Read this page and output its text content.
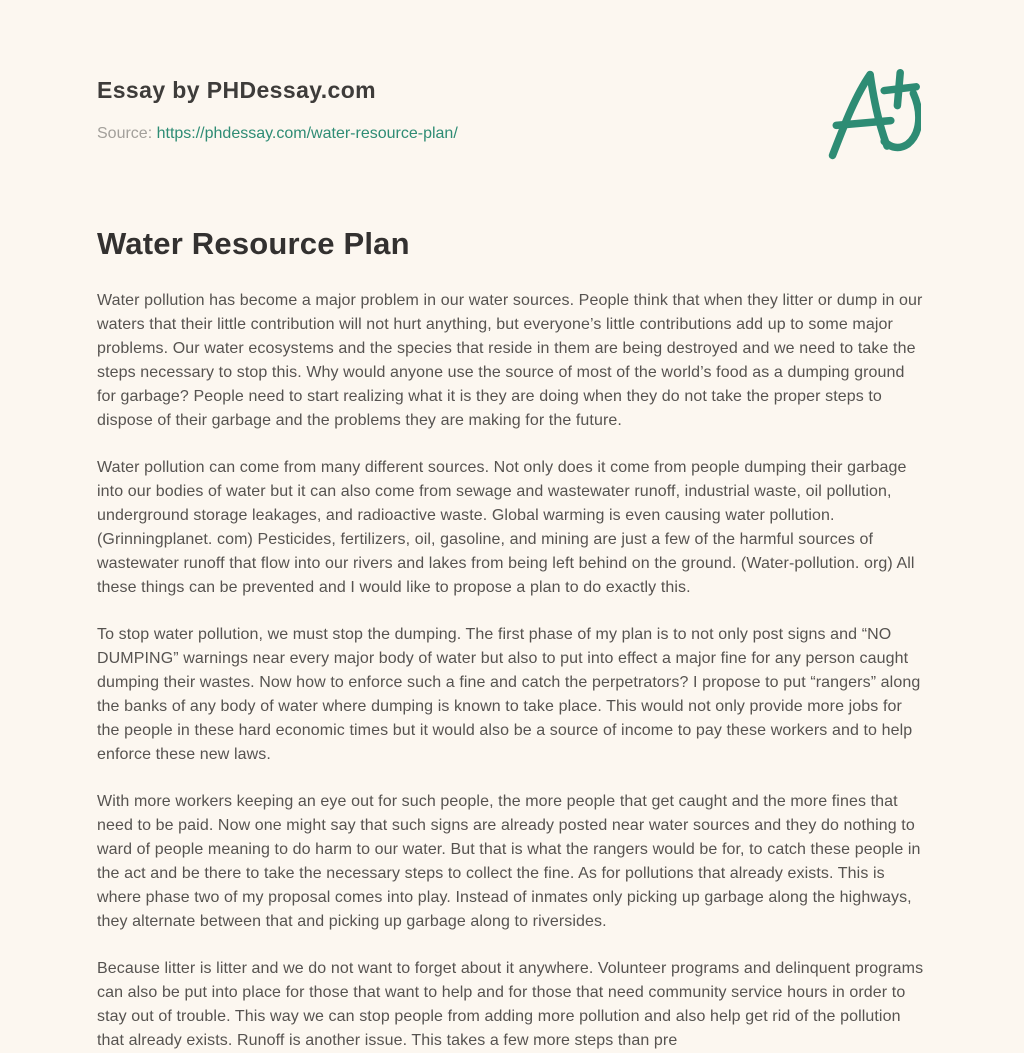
Essay by PHDessay.com
Source: https://phdessay.com/water-resource-plan/
Water Resource Plan

Water pollution has become a major problem in our water sources. People think that when they litter or dump in our waters that their little contribution will not hurt anything, but everyone’s little contributions add up to some major problems. Our water ecosystems and the species that reside in them are being destroyed and we need to take the steps necessary to stop this. Why would anyone use the source of most of the world’s food as a dumping ground for garbage? People need to start realizing what it is they are doing when they do not take the proper steps to dispose of their garbage and the problems they are making for the future.

Water pollution can come from many different sources. Not only does it come from people dumping their garbage into our bodies of water but it can also come from sewage and wastewater runoff, industrial waste, oil pollution, underground storage leakages, and radioactive waste. Global warming is even causing water pollution. (Grinningplanet. com) Pesticides, fertilizers, oil, gasoline, and mining are just a few of the harmful sources of wastewater runoff that flow into our rivers and lakes from being left behind on the ground. (Water-pollution. org) All these things can be prevented and I would like to propose a plan to do exactly this.

To stop water pollution, we must stop the dumping. The first phase of my plan is to not only post signs and “NO DUMPING” warnings near every major body of water but also to put into effect a major fine for any person caught dumping their wastes. Now how to enforce such a fine and catch the perpetrators? I propose to put “rangers” along the banks of any body of water where dumping is known to take place. This would not only provide more jobs for the people in these hard economic times but it would also be a source of income to pay these workers and to help enforce these new laws.

With more workers keeping an eye out for such people, the more people that get caught and the more fines that need to be paid. Now one might say that such signs are already posted near water sources and they do nothing to ward of people meaning to do harm to our water. But that is what the rangers would be for, to catch these people in the act and be there to take the necessary steps to collect the fine. As for pollutions that already exists. This is where phase two of my proposal comes into play. Instead of inmates only picking up garbage along the highways, they alternate between that and picking up garbage along to riversides.

Because litter is litter and we do not want to forget about it anywhere. Volunteer programs and delinquent programs can also be put into place for those that want to help and for those that need community service hours in order to stay out of trouble. This way we can stop people from adding more pollution and also help get rid of the pollution that already exists. Runoff is another issue. This takes a few more steps than pre
